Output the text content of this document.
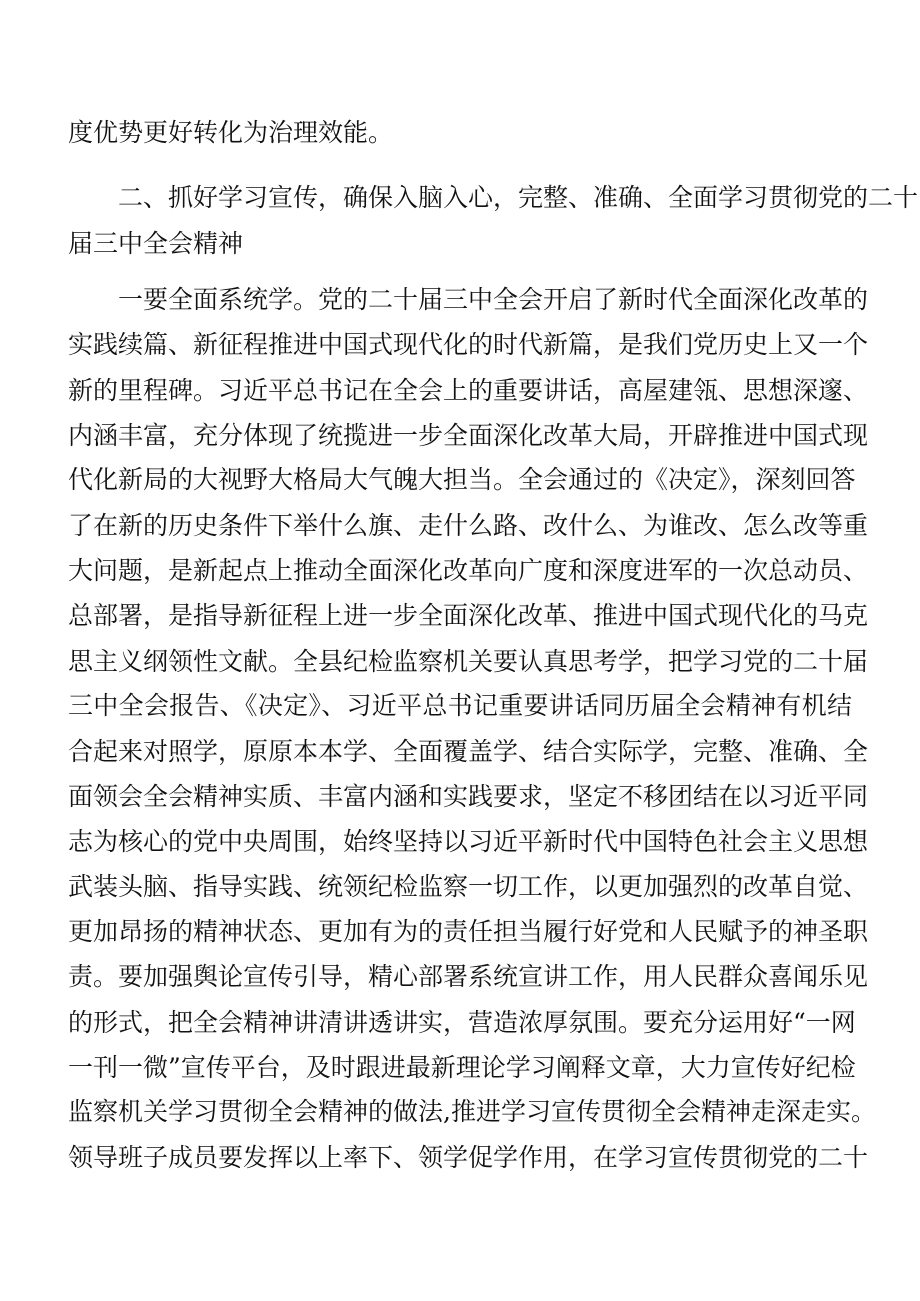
度优势更好转化为治理效能。
二、抓好学习宣传，确保入脑入心，完整、准确、全面学习贯彻党的二十
届三中全会精神
一要全面系统学。党的二十届三中全会开启了新时代全面深化改革的
实践续篇、新征程推进中国式现代化的时代新篇，是我们党历史上又一个
新的里程碑。习近平总书记在全会上的重要讲话，高屋建瓴、思想深邃、
内涵丰富，充分体现了统揽进一步全面深化改革大局，开辟推进中国式现
代化新局的大视野大格局大气魄大担当。全会通过的《决定》，深刻回答
了在新的历史条件下举什么旗、走什么路、改什么、为谁改、怎么改等重
大问题，是新起点上推动全面深化改革向广度和深度进军的一次总动员、
总部署，是指导新征程上进一步全面深化改革、推进中国式现代化的马克
思主义纲领性文献。全县纪检监察机关要认真思考学，把学习党的二十届
三中全会报告、《决定》、习近平总书记重要讲话同历届全会精神有机结
合起来对照学，原原本本学、全面覆盖学、结合实际学，完整、准确、全
面领会全会精神实质、丰富内涵和实践要求，坚定不移团结在以习近平同
志为核心的党中央周围，始终坚持以习近平新时代中国特色社会主义思想
武装头脑、指导实践、统领纪检监察一切工作，以更加强烈的改革自觉、
更加昂扬的精神状态、更加有为的责任担当履行好党和人民赋予的神圣职
责。要加强舆论宣传引导，精心部署系统宣讲工作，用人民群众喜闻乐见
的形式，把全会精神讲清讲透讲实，营造浓厚氛围。要充分运用好“一网
一刊一微”宣传平台，及时跟进最新理论学习阐释文章，大力宣传好纪检
监察机关学习贯彻全会精神的做法,推进学习宣传贯彻全会精神走深走实。
领导班子成员要发挥以上率下、领学促学作用，在学习宣传贯彻党的二十
